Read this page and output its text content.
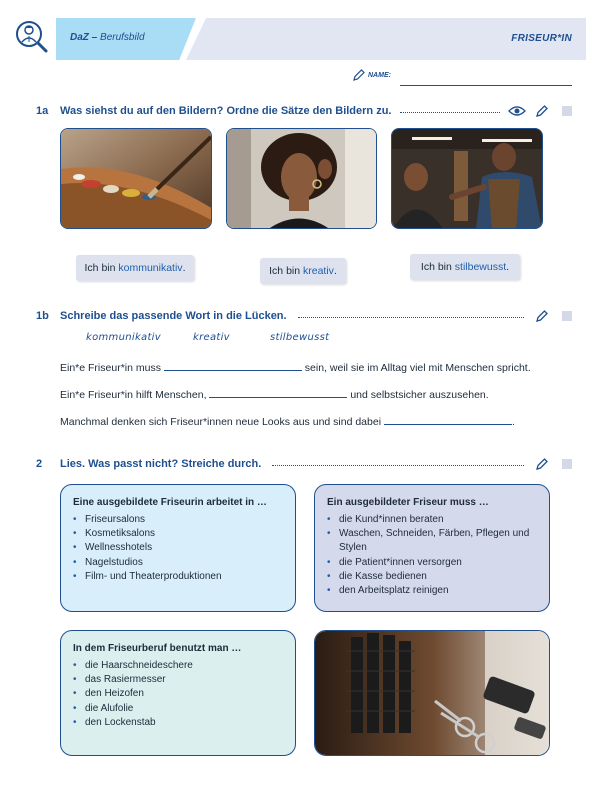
DaZ – Berufsbild	FRISEUR*IN
NAME:
1a	Was siehst du auf den Bildern? Ordne die Sätze den Bildern zu.
Ich bin
kommunikativ .	Ich bin
kreativ .	Ich bin
stilbewusst .
1b	Schreibe das passende Wort in die Lücken.
kommunikativ	kreativ	stilbewusst
Ein*e Friseur*in muss	sein, weil sie im Alltag viel mit Menschen spricht.
Ein*e Friseur*in hilft Menschen,	und selbstsicher auszusehen.
Manchmal denken sich Friseur*innen neue Looks aus und sind dabei	.
2	Lies. Was passt nicht? Streiche durch.
Eine ausgebildete Friseurin arbeitet in …
• Friseursalons
• Kosmetiksalons
• Wellnesshotels
• Nagelstudios
• Film- und Theaterproduktionen
Ein ausgebildeter Friseur muss …
• die Kund*innen beraten
• Waschen, Schneiden, Färben, Pflegen und Stylen
• die Patient*innen versorgen
• die Kasse bedienen
• den Arbeitsplatz reinigen
In dem Friseurberuf benutzt man …
• die Haarschneideschere
• das Rasiermesser
• den Heizofen
• die Alufolie
• den Lockenstab
